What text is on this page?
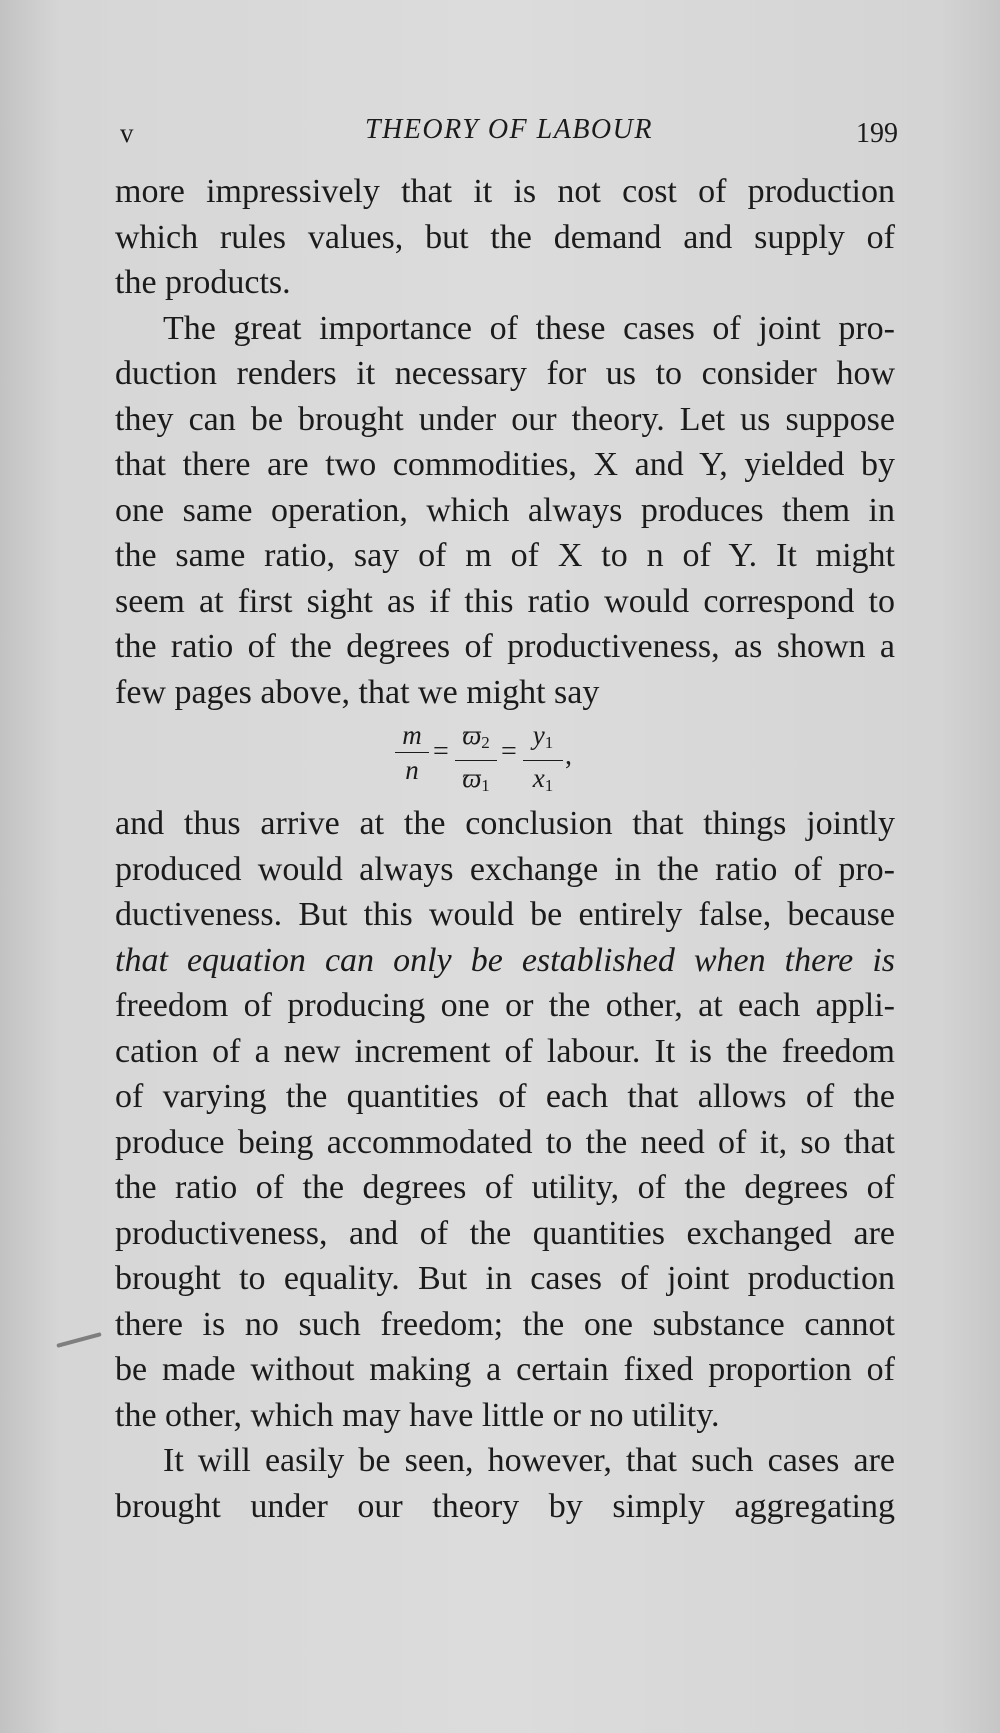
v	THEORY OF LABOUR	199
more impressively that it is not cost of production
which rules values, but the demand and supply of
the products.
The great importance of these cases of joint pro-
duction renders it necessary for us to consider how
they can be brought under our theory. Let us suppose
that there are two commodities, X and Y, yielded by
one same operation, which always produces them in
the same ratio, say of m of X to n of Y. It might
seem at first sight as if this ratio would correspond to
the ratio of the degrees of productiveness, as shown a
few pages above, that we might say
m
n
=
$ϖ_2$
$ϖ_1$
=
$y_1$
$x_1$
,
and thus arrive at the conclusion that things jointly
produced would always exchange in the ratio of pro-
ductiveness. But this would be entirely false, because
that equation can only be established when there is
freedom of producing one or the other, at each appli-
cation of a new increment of labour. It is the freedom
of varying the quantities of each that allows of the
produce being accommodated to the need of it, so that
the ratio of the degrees of utility, of the degrees of
productiveness, and of the quantities exchanged are
brought to equality. But in cases of joint production
there is no such freedom; the one substance cannot
be made without making a certain fixed proportion of
the other, which may have little or no utility.
It will easily be seen, however, that such cases are
brought under our theory by simply aggregating
